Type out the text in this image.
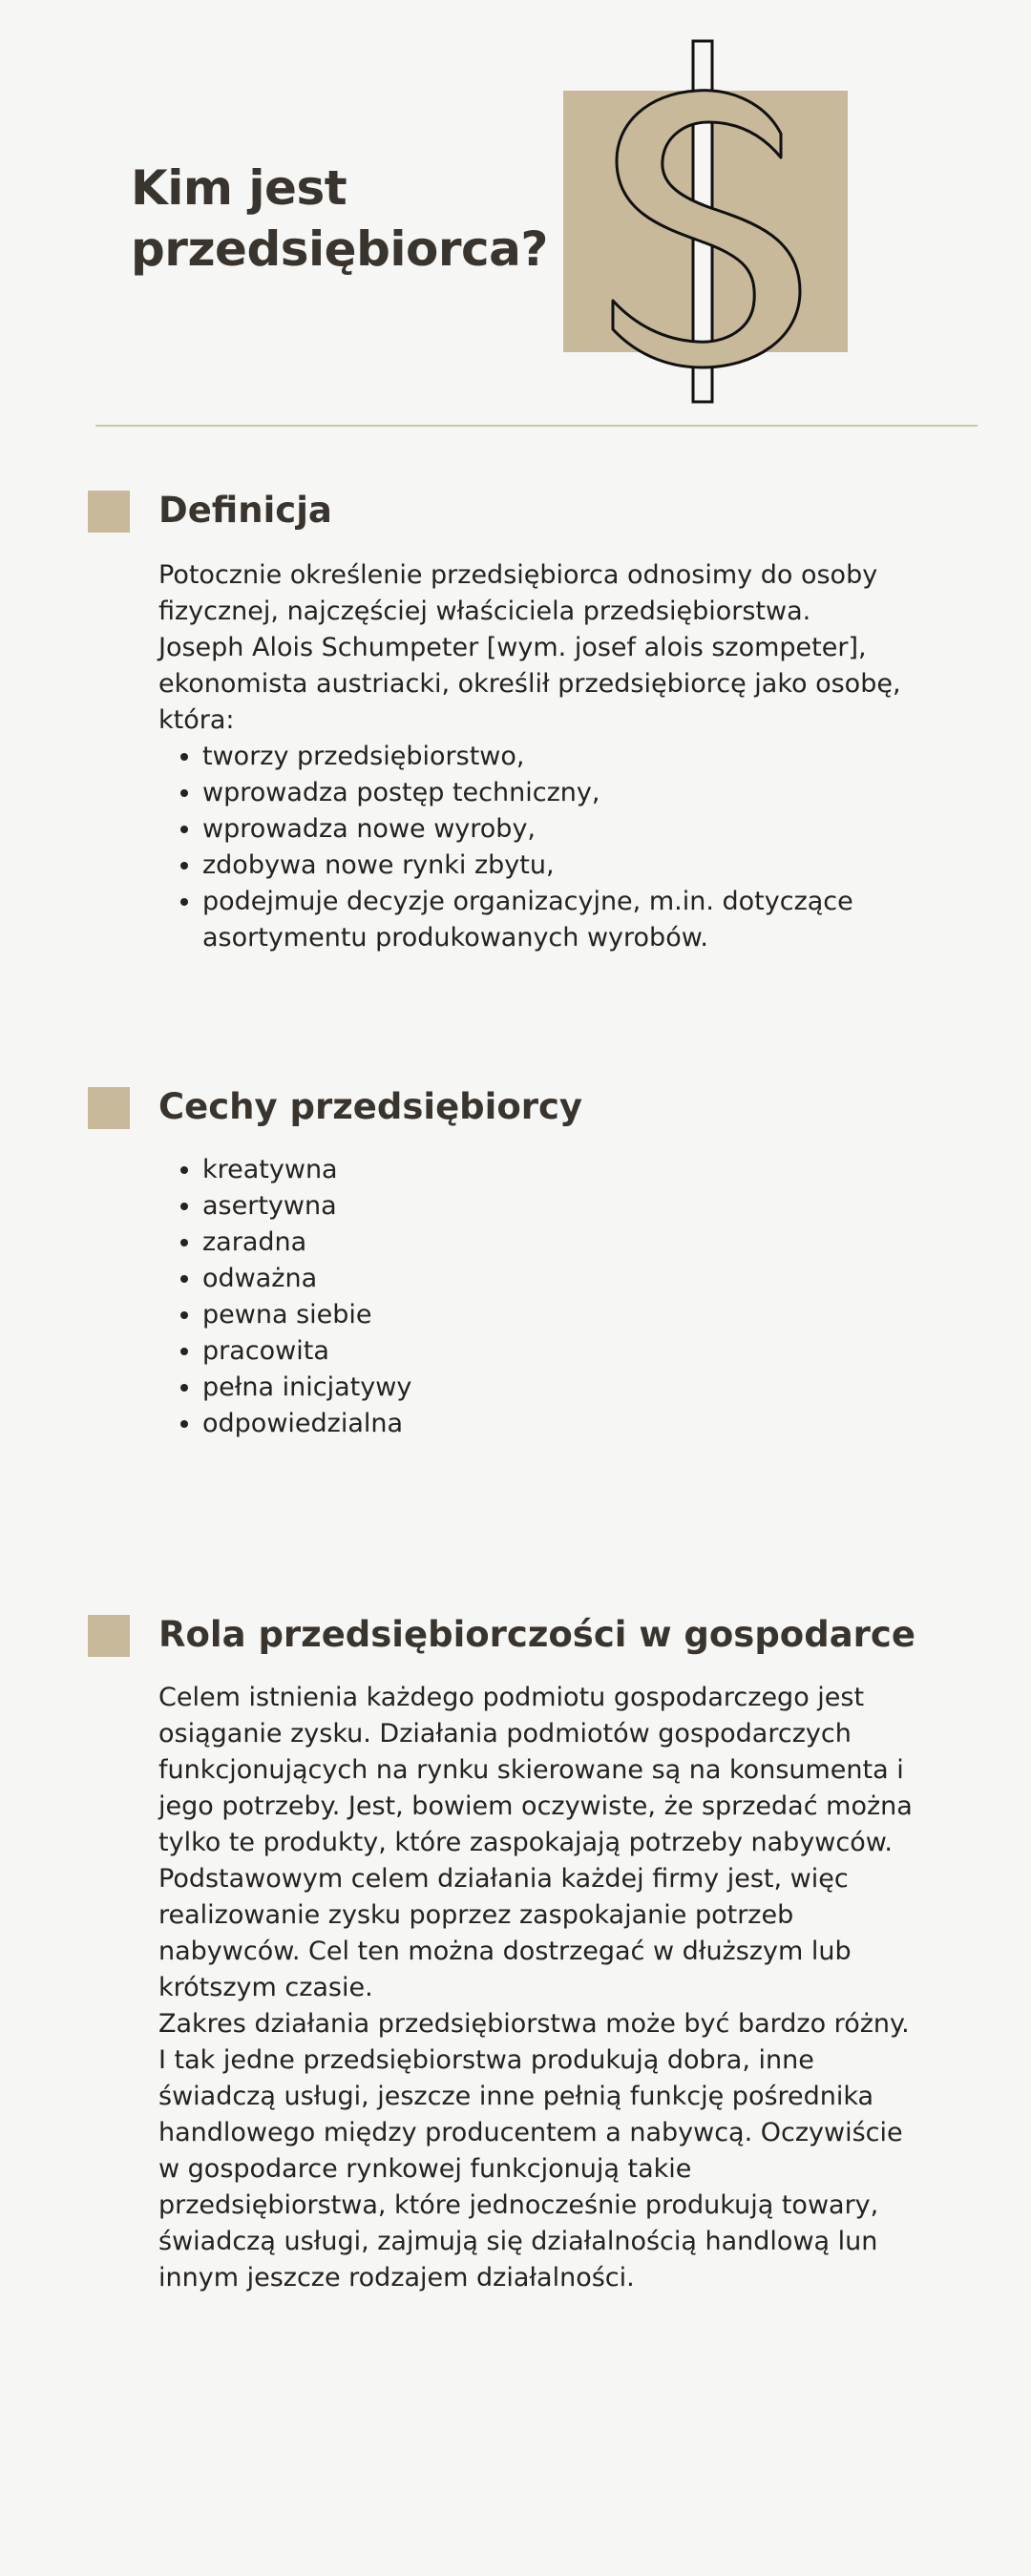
Kim jest
przedsiębiorca?
Definicja

Potocznie określenie przedsiębiorca odnosimy do osoby fizycznej, najczęściej właściciela przedsiębiorstwa.
Joseph Alois Schumpeter [wym. josef alois szompeter], ekonomista austriacki, określił przedsiębiorcę jako osobę,
która:

• tworzy przedsiębiorstwo,
• wprowadza postęp techniczny,
• wprowadza nowe wyroby,
• zdobywa nowe rynki zbytu,
• podejmuje decyzje organizacyjne, m.in. dotyczące asortymentu produkowanych wyrobów.
Cechy przedsiębiorcy
• kreatywna
• asertywna
• zaradna
• odważna
• pewna siebie
• pracowita
• pełna inicjatywy
• odpowiedzialna
Rola przedsiębiorczości w gospodarce

Celem istnienia każdego podmiotu gospodarczego jest osiąganie zysku. Działania podmiotów gospodarczych funkcjonujących na rynku skierowane są na konsumenta i jego potrzeby. Jest, bowiem oczywiste, że sprzedać można tylko te produkty, które zaspokajają potrzeby nabywców. Podstawowym celem działania każdej firmy jest, więc realizowanie zysku poprzez zaspokajanie potrzeb nabywców. Cel ten można dostrzegać w dłuższym lub krótszym czasie.
Zakres działania przedsiębiorstwa może być bardzo różny. I tak jedne przedsiębiorstwa produkują dobra, inne świadczą usługi, jeszcze inne pełnią funkcję pośrednika handlowego między producentem a nabywcą. Oczywiście w gospodarce rynkowej funkcjonują takie przedsiębiorstwa, które jednocześnie produkują towary, świadczą usługi, zajmują się działalnością handlową lun innym jeszcze rodzajem działalności.
